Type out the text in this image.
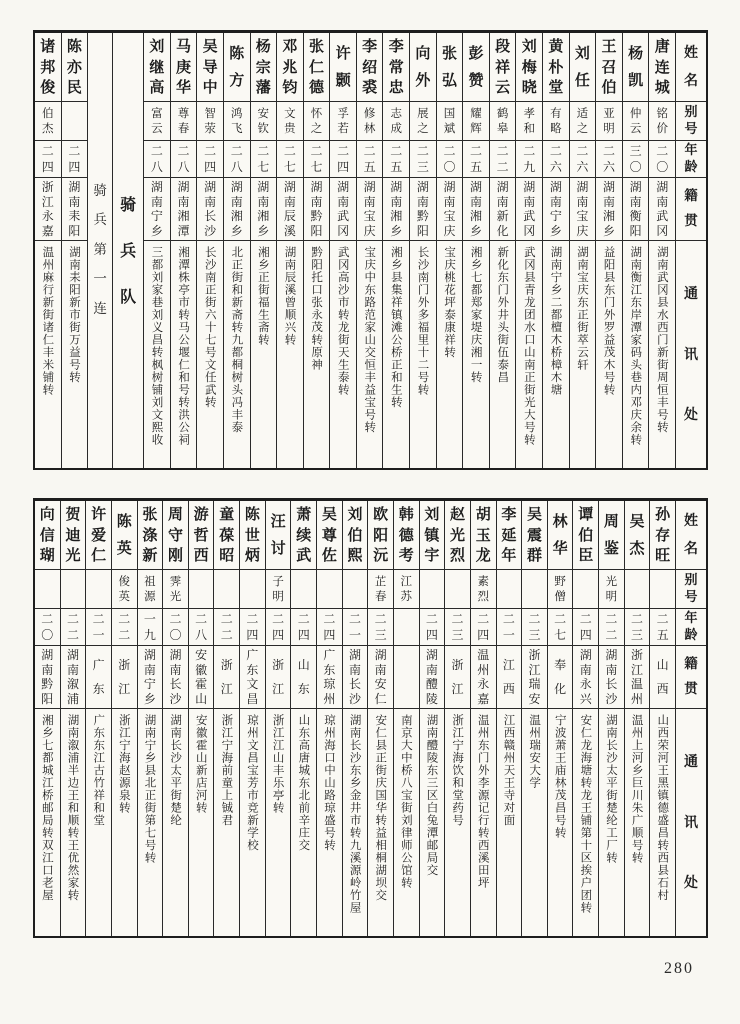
姓
名
别
号
年
龄
籍
贯
通
讯
处
唐
连
城
铭
价
二
〇
湖
南
武
冈
湖南武冈县水西门新街周恒丰号转
杨
凯
仲
云
三
〇
湖
南
衡
阳
湖南衡江东岸潭家码头巷内邓庆余转
王
召
伯
亚
明
二
六
湖
南
湘
乡
益阳县东门外罗益茂木号转
刘
任
适
之
二
六
湖
南
宝
庆
湖南宝庆东正街萃云轩
黄
朴
堂
有
略
二
六
湖
南
宁
乡
湖南宁乡二都檀木桥樟木塘
刘
梅
晓
孝
和
二
九
湖
南
武
冈
武冈县青龙团水口山南正街光大号转
段
祥
云
鹤
皋
二
二
湖
南
新
化
新化东门外井头街伍泰昌
彭
赞
耀
辉
二
五
湖
南
湘
乡
湘乡七都郑家堤庆湘一转
张
弘
国
斌
二
〇
湖
南
宝
庆
宝庆桃花坪泰康祥转
向
外
展
之
二
三
湖
南
黔
阳
长沙南门外多福里十二号转
李
常
忠
志
成
二
五
湖
南
湘
乡
湘乡县集祥镇滩公桥正和生转
李
绍
裘
修
林
二
五
湖
南
宝
庆
宝庆中东路范家山交恒丰益宝号转
许
颢
孚
若
二
四
湖
南
武
冈
武冈高沙市转龙街天生泰转
张
仁
德
怀
之
二
七
湖
南
黔
阳
黔阳托口张永茂转原神
邓
兆
钧
文
贵
二
七
湖
南
辰
溪
湖南辰溪曾顺兴转
杨
宗
藩
安
钦
二
七
湖
南
湘
乡
湘乡正街福生斋转
陈
方
鸿
飞
二
八
湖
南
湘
乡
北正街和新斋转九都桐树头冯丰泰
吴
导
中
智
荥
二
四
湖
南
长
沙
长沙南正街六十七号文任武转
马
庚
华
尊
春
二
八
湖
南
湘
潭
湘潭株亭市转马公堰仁和号转洪公祠
刘
继
高
富
云
二
八
湖
南
宁
乡
三都刘家巷刘义昌转枫树铺刘文熙收
骑
兵
队
骑
兵
第
一
连
陈
亦
民
二
四
湖
南
耒
阳
湖南耒阳新市街万益号转
诸
邦
俊
伯
杰
二
四
浙
江
永
嘉
温州麻行新街诸仁丰米铺转
姓
名
别
号
年
龄
籍
贯
通
讯
处
孙
存
旺
二
五
山
西
山西荣河王黑镇德盛昌转西县石村
吴
杰
二
三
浙
江
温
州
温州上河乡巨川朱广顺号转
周
鉴
光
明
二
二
湖
南
长
沙
湖南长沙太平街楚纶工厂转
谭
伯
臣
二
四
湖
南
永
兴
安仁龙海塘转龙王铺第十区挨户团转
林
华
野
僧
二
七
奉
化
宁波萧王庙林茂昌号转
吴
震
群
二
三
浙
江
瑞
安
温州瑞安大学
李
延
年
二
一
江
西
江西赣州天王寺对面
胡
玉
龙
素
烈
二
四
温
州
永
嘉
温州东门外李源记行转西溪田坪
赵
光
烈
二
三
浙
江
浙江宁海饮和堂药号
刘
镇
宇
二
四
湖
南
醴
陵
湖南醴陵东三区白兔潭邮局交
韩
德
考
江
苏
南京大中桥八宝街刘律师公馆转
欧
阳
沅
芷
春
二
三
湖
南
安
仁
安仁县正街庆国华转益相桐湖坝交
刘
伯
熙
二
一
湖
南
长
沙
湖南长沙东乡金井市转九溪源岭竹屋
吴
尊
佐
二
四
广
东
琼
州
琼州海口中山路琼盛号转
萧
续
武
二
四
山
东
山东高唐城东北前辛庄交
汪
讨
子
明
二
四
浙
江
浙江江山丰乐亭转
陈
世
炳
二
四
广
东
文
昌
琼州文昌宝芳市竞新学校
童
葆
昭
二
二
浙
江
浙江宁海前童上铖君
游
哲
西
二
八
安
徽
霍
山
安徽霍山新店河转
周
守
刚
霁
光
二
〇
湖
南
长
沙
湖南长沙太平街楚纶
张
涤
新
祖
源
一
九
湖
南
宁
乡
湖南宁乡县北正街第七号转
陈
英
俊
英
二
二
浙
江
浙江宁海赵源泉转
许
爱
仁
二
一
广
东
广东东江古竹祥和堂
贺
迪
光
二
二
湖
南
溆
浦
湖南溆浦半边王和顺转王优然家转
向
信
瑚
二
〇
湖
南
黔
阳
湘乡七都城江桥邮局转双江口老屋
280
